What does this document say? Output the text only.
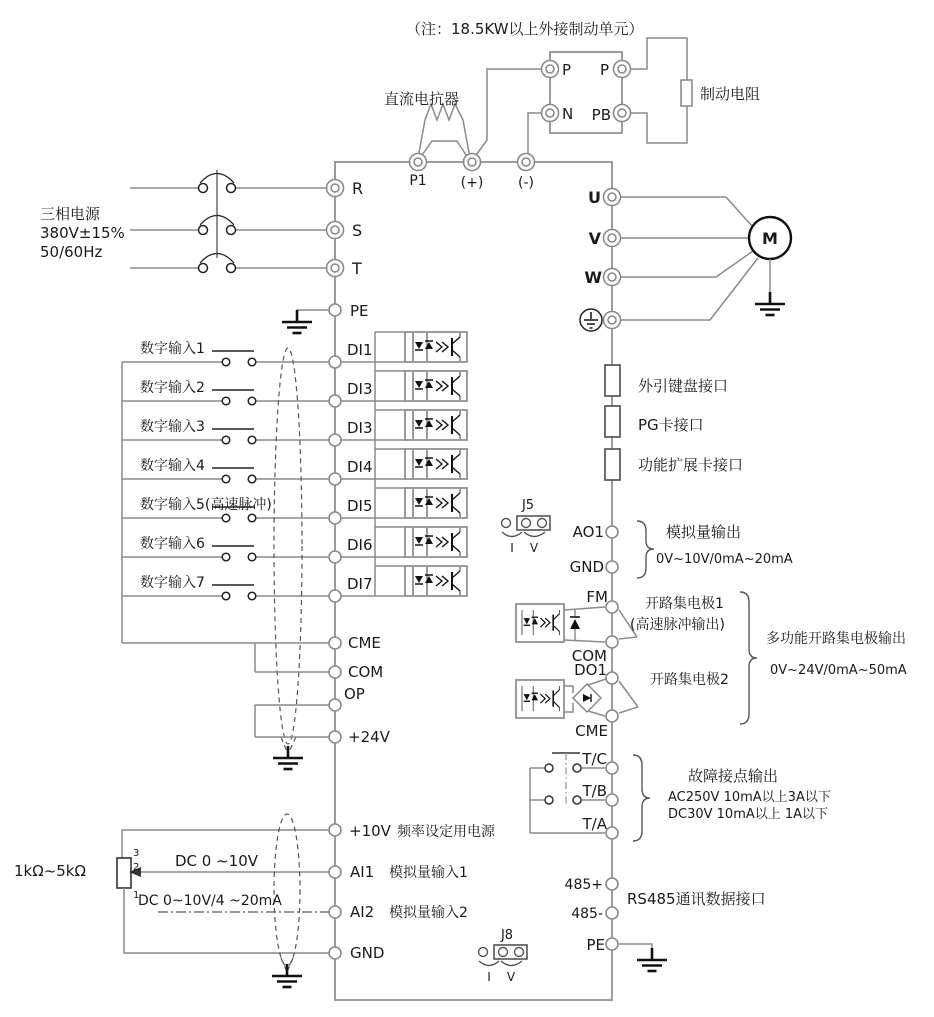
（注：18.5KW以上外接制动单元）
直流电抗器	制动电阻
P P
N PB
P1 (+) (-)
三相电源
380V±15%
50/60Hz
R
S
T
PE
数字输入1
数字输入2
数字输入3
数字输入4
数字输入5(高速脉冲)
数字输入6
数字输入7
DI1
DI3
DI3
DI4
DI5
DI6
DI7
CME
COM
OP
+24V
+10V 频率设定用电源
1kΩ~5kΩ
3
2
1
DC 0 ~10V
DC 0~10V/4 ~20mA
AI1 模拟量输入1
AI2 模拟量输入2
GND
U
V
W
M
外引键盘接口
PG卡接口
功能扩展卡接口
J5
I V
AO1
GND
模拟量输出
0V~10V/0mA~20mA
FM
COM
DO1
CME
开路集电极1
(高速脉冲输出)
开路集电极2
多功能开路集电极输出
0V~24V/0mA~50mA
T/C
T/B
T/A
故障接点输出
AC250V 10mA以上3A以下
DC30V 10mA以上 1A以下
485+
485-
RS485通讯数据接口
PE
J8
I V
